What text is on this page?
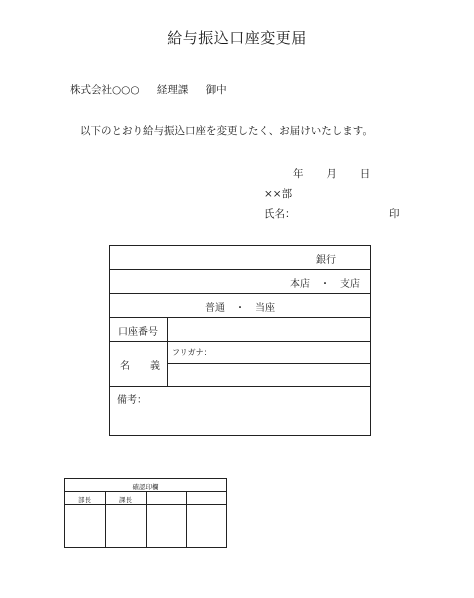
給与振込口座変更届
株式会社○○○ 経理課 御中
以下のとおり給与振込口座を変更したく、お届けいたします。
年 月 日
××部
氏名：	印
銀行
本店　・　支店
普通　・　当座
口座番号
名　　義
フリガナ：
備考：
確認印欄
部長	課長
